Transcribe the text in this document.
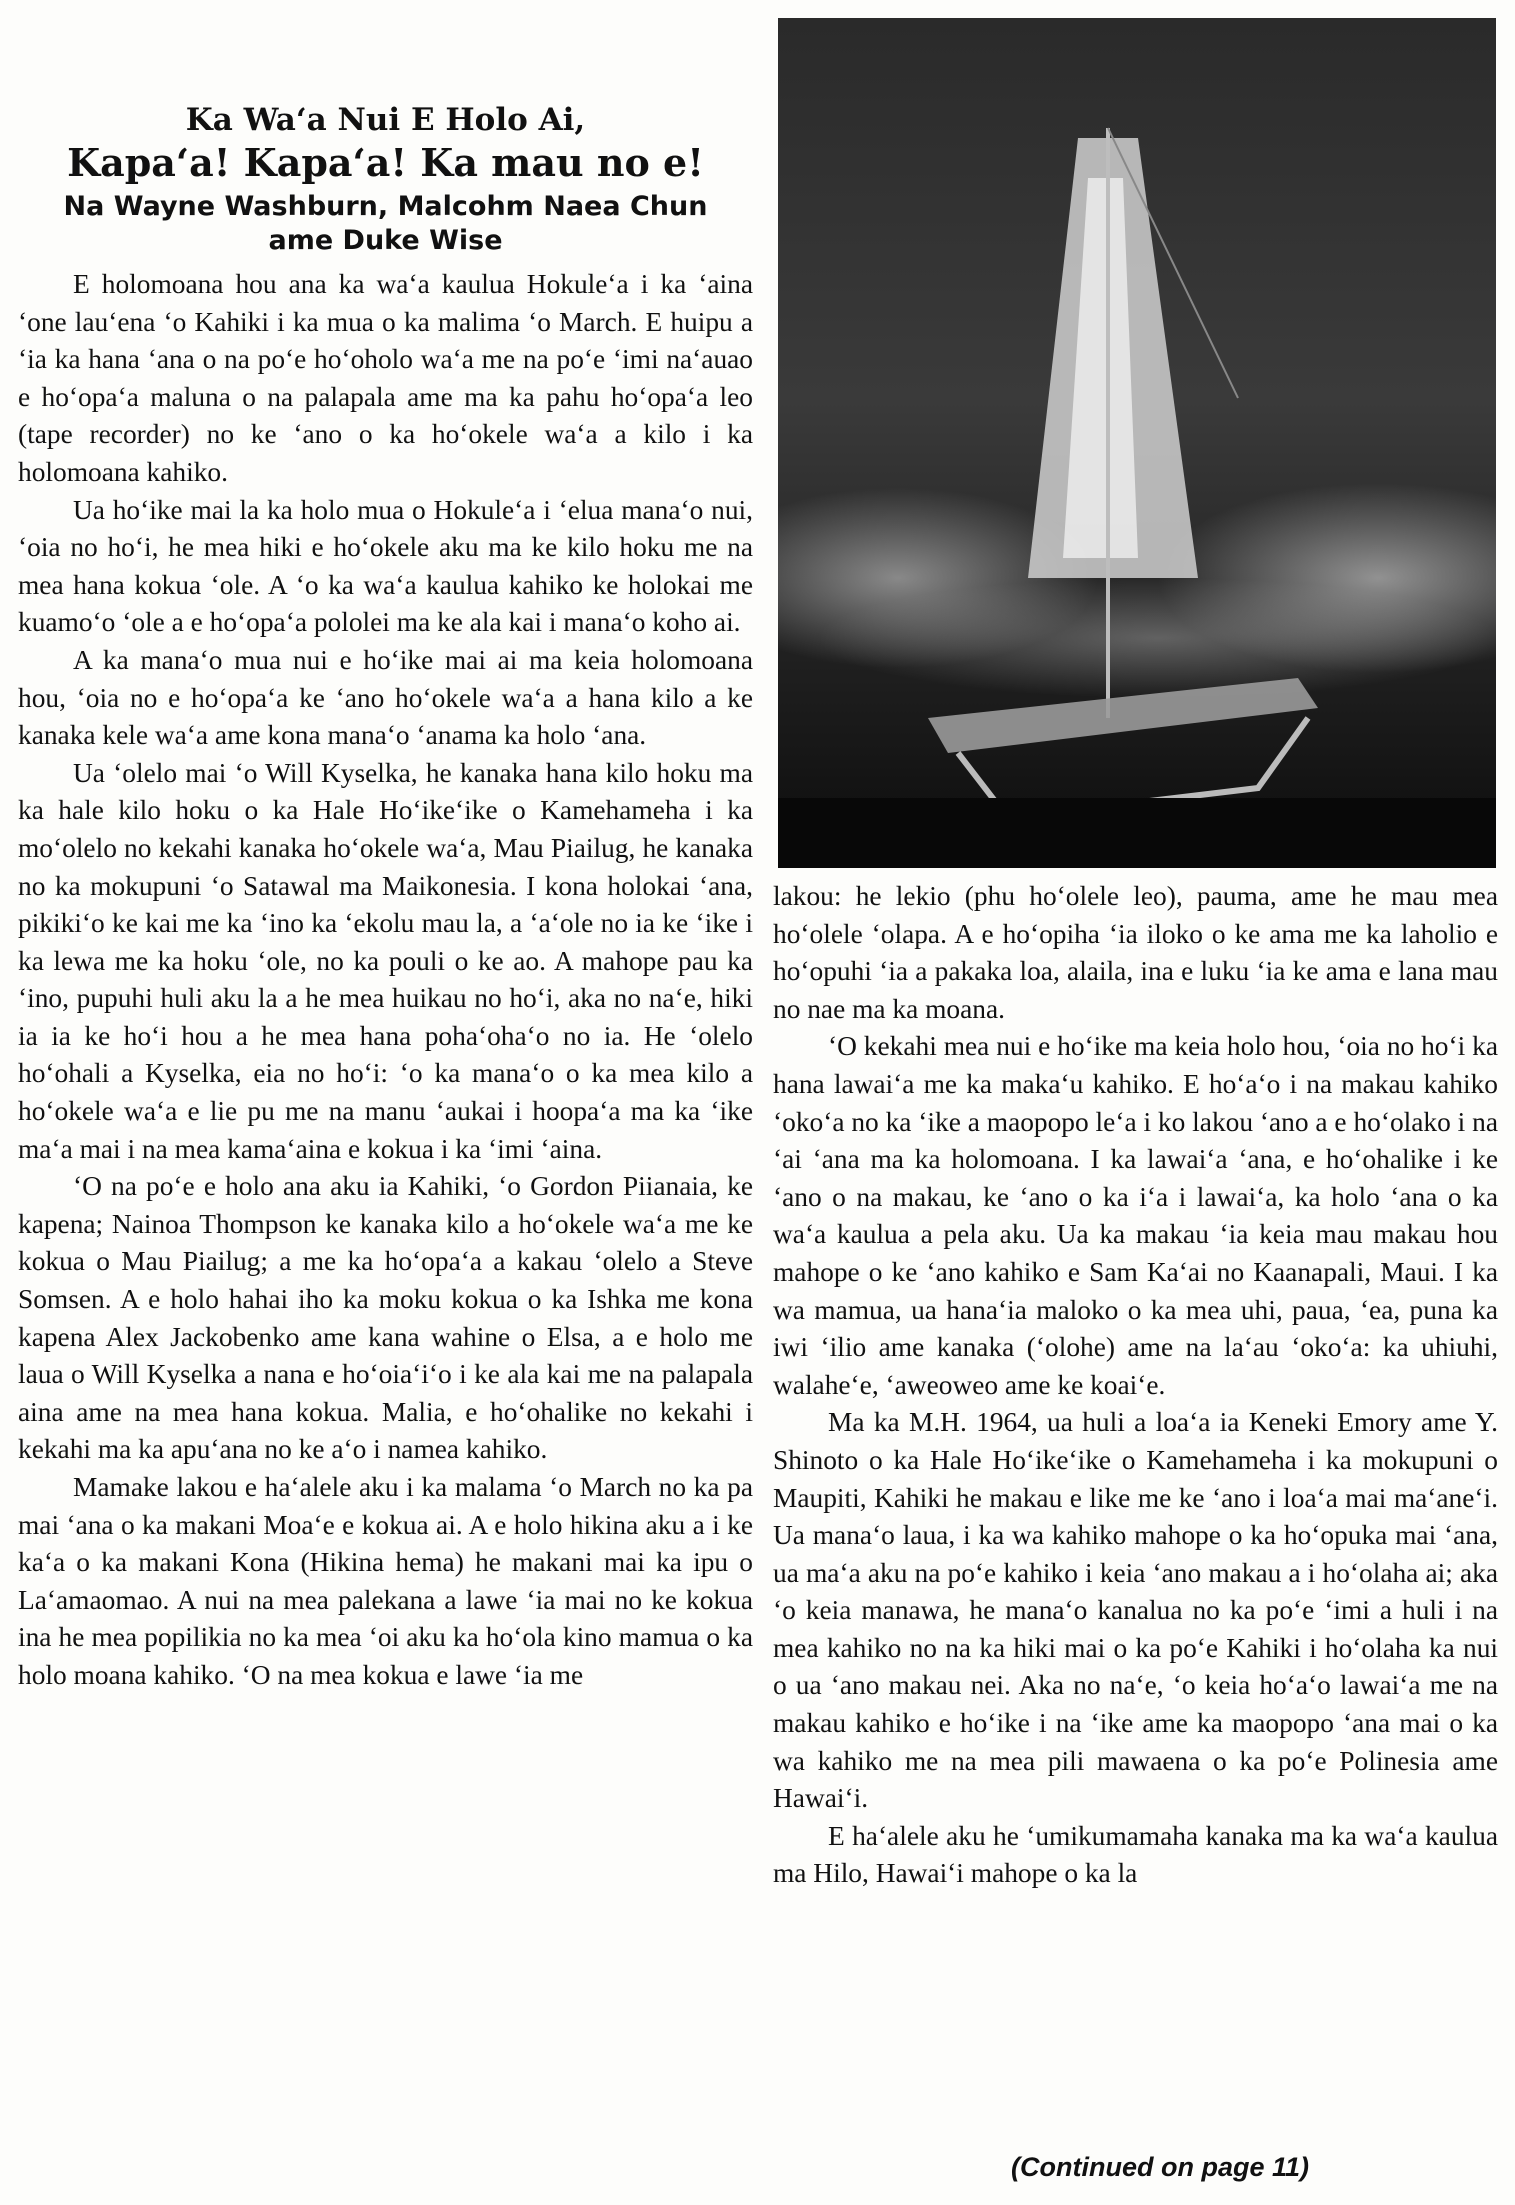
Ka Wa‘a Nui E Holo Ai,
Kapa‘a! Kapa‘a! Ka mau no e!
Na Wayne Washburn, Malcohm Naea Chun
ame Duke Wise

E holomoana hou ana ka wa‘a kaulua Hokule‘a i ka ‘aina ‘one lau‘ena ‘o Kahiki i ka mua o ka malima ‘o March. E huipu a ‘ia ka hana ‘ana o na po‘e ho‘oholo wa‘a me na po‘e ‘imi na‘auao e ho‘opa‘a maluna o na palapala ame ma ka pahu ho‘opa‘a leo (tape recorder) no ke ‘ano o ka ho‘okele wa‘a a kilo i ka holomoana kahiko.

Ua ho‘ike mai la ka holo mua o Hokule‘a i ‘elua mana‘o nui, ‘oia no ho‘i, he mea hiki e ho‘okele aku ma ke kilo hoku me na mea hana kokua ‘ole. A ‘o ka wa‘a kaulua kahiko ke holokai me kuamo‘o ‘ole a e ho‘opa‘a pololei ma ke ala kai i mana‘o koho ai.

A ka mana‘o mua nui e ho‘ike mai ai ma keia holomoana hou, ‘oia no e ho‘opa‘a ke ‘ano ho‘okele wa‘a a hana kilo a ke kanaka kele wa‘a ame kona mana‘o ‘anama ka holo ‘ana.

Ua ‘olelo mai ‘o Will Kyselka, he kanaka hana kilo hoku ma ka hale kilo hoku o ka Hale Ho‘ike‘ike o Kamehameha i ka mo‘olelo no kekahi kanaka ho‘okele wa‘a, Mau Piailug, he kanaka no ka mokupuni ‘o Satawal ma Maikonesia. I kona holokai ‘ana, pikiki‘o ke kai me ka ‘ino ka ‘ekolu mau la, a ‘a‘ole no ia ke ‘ike i ka lewa me ka hoku ‘ole, no ka pouli o ke ao. A mahope pau ka ‘ino, pupuhi huli aku la a he mea huikau no ho‘i, aka no na‘e, hiki ia ia ke ho‘i hou a he mea hana poha‘oha‘o no ia. He ‘olelo ho‘ohali a Kyselka, eia no ho‘i: ‘o ka mana‘o o ka mea kilo a ho‘okele wa‘a e lie pu me na manu ‘aukai i hoopa‘a ma ka ‘ike ma‘a mai i na mea kama‘aina e kokua i ka ‘imi ‘aina.

‘O na po‘e e holo ana aku ia Kahiki, ‘o Gordon Piianaia, ke kapena; Nainoa Thompson ke kanaka kilo a ho‘okele wa‘a me ke kokua o Mau Piailug; a me ka ho‘opa‘a a kakau ‘olelo a Steve Somsen. A e holo hahai iho ka moku kokua o ka Ishka me kona kapena Alex Jackobenko ame kana wahine o Elsa, a e holo me laua o Will Kyselka a nana e ho‘oia‘i‘o i ke ala kai me na palapala aina ame na mea hana kokua. Malia, e ho‘ohalike no kekahi i kekahi ma ka apu‘ana no ke a‘o i namea kahiko.

Mamake lakou e ha‘alele aku i ka malama ‘o March no ka pa mai ‘ana o ka makani Moa‘e e kokua ai. A e holo hikina aku a i ke ka‘a o ka makani Kona (Hikina hema) he makani mai ka ipu o La‘amaomao. A nui na mea palekana a lawe ‘ia mai no ke kokua ina he mea popilikia no ka mea ‘oi aku ka ho‘ola kino mamua o ka holo moana kahiko. ‘O na mea kokua e lawe ‘ia me

lakou: he lekio (phu ho‘olele leo), pauma, ame he mau mea ho‘olele ‘olapa. A e ho‘opiha ‘ia iloko o ke ama me ka laholio e ho‘opuhi ‘ia a pakaka loa, alaila, ina e luku ‘ia ke ama e lana mau no nae ma ka moana.

‘O kekahi mea nui e ho‘ike ma keia holo hou, ‘oia no ho‘i ka hana lawai‘a me ka maka‘u kahiko. E ho‘a‘o i na makau kahiko ‘oko‘a no ka ‘ike a maopopo le‘a i ko lakou ‘ano a e ho‘olako i na ‘ai ‘ana ma ka holomoana. I ka lawai‘a ‘ana, e ho‘ohalike i ke ‘ano o na makau, ke ‘ano o ka i‘a i lawai‘a, ka holo ‘ana o ka wa‘a kaulua a pela aku. Ua ka makau ‘ia keia mau makau hou mahope o ke ‘ano kahiko e Sam Ka‘ai no Kaanapali, Maui. I ka wa mamua, ua hana‘ia maloko o ka mea uhi, paua, ‘ea, puna ka iwi ‘ilio ame kanaka (‘olohe) ame na la‘au ‘oko‘a: ka uhiuhi, walahe‘e, ‘aweoweo ame ke koai‘e.

Ma ka M.H. 1964, ua huli a loa‘a ia Keneki Emory ame Y. Shinoto o ka Hale Ho‘ike‘ike o Kamehameha i ka mokupuni o Maupiti, Kahiki he makau e like me ke ‘ano i loa‘a mai ma‘ane‘i. Ua mana‘o laua, i ka wa kahiko mahope o ka ho‘opuka mai ‘ana, ua ma‘a aku na po‘e kahiko i keia ‘ano makau a i ho‘olaha ai; aka ‘o keia manawa, he mana‘o kanalua no ka po‘e ‘imi a huli i na mea kahiko no na ka hiki mai o ka po‘e Kahiki i ho‘olaha ka nui o ua ‘ano makau nei. Aka no na‘e, ‘o keia ho‘a‘o lawai‘a me na makau kahiko e ho‘ike i na ‘ike ame ka maopopo ‘ana mai o ka wa kahiko me na mea pili mawaena o ka po‘e Polinesia ame Hawai‘i.

E ha‘alele aku he ‘umikumamaha kanaka ma ka wa‘a kaulua ma Hilo, Hawai‘i mahope o ka la

(Continued on page 11)
